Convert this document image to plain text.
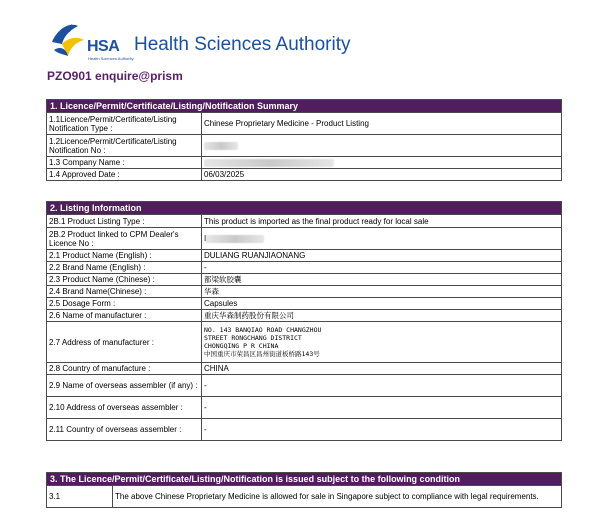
HSA
Health Sciences Authority
Health Sciences Authority
PZO901 enquire@prism
1. Licence/Permit/Certificate/Listing/Notification Summary	
1.1Licence/Permit/Certificate/Listing Notification Type :	Chinese Proprietary Medicine - Product Listing
1.2Licence/Permit/Certificate/Listing Notification No :	
1.3 Company Name :	
1.4 Approved Date :	06/03/2025
2. Listing Information	
2B.1 Product Listing Type :	This product is imported as the final product ready for local sale
2B.2 Product linked to CPM Dealer's Licence No :	I
2.1 Product Name (English) :	DULIANG RUANJIAONANG
2.2 Brand Name (English) :	-
2.3 Product Name (Chinese) :	都梁软胶囊
2.4 Brand Name(Chinese) :	华森
2.5 Dosage Form :	Capsules
2.6 Name of manufacturer :	重庆华森制药股份有限公司
2.7 Address of manufacturer :	NO. 143 BANQIAO ROAD CHANGZHOU
STREET RONGCHANG DISTRICT
CHONGQING P R CHINA
中国重庆市荣昌区昌州街道板桥路143号
2.8 Country of manufacture :	CHINA
2.9 Name of overseas assembler (if any) :	-
2.10 Address of overseas assembler :	-
2.11 Country of overseas assembler :	-
3. The Licence/Permit/Certificate/Listing/Notification is issued subject to the following condition
3.1	The above Chinese Proprietary Medicine is allowed for sale in Singapore subject to compliance with legal requirements.
